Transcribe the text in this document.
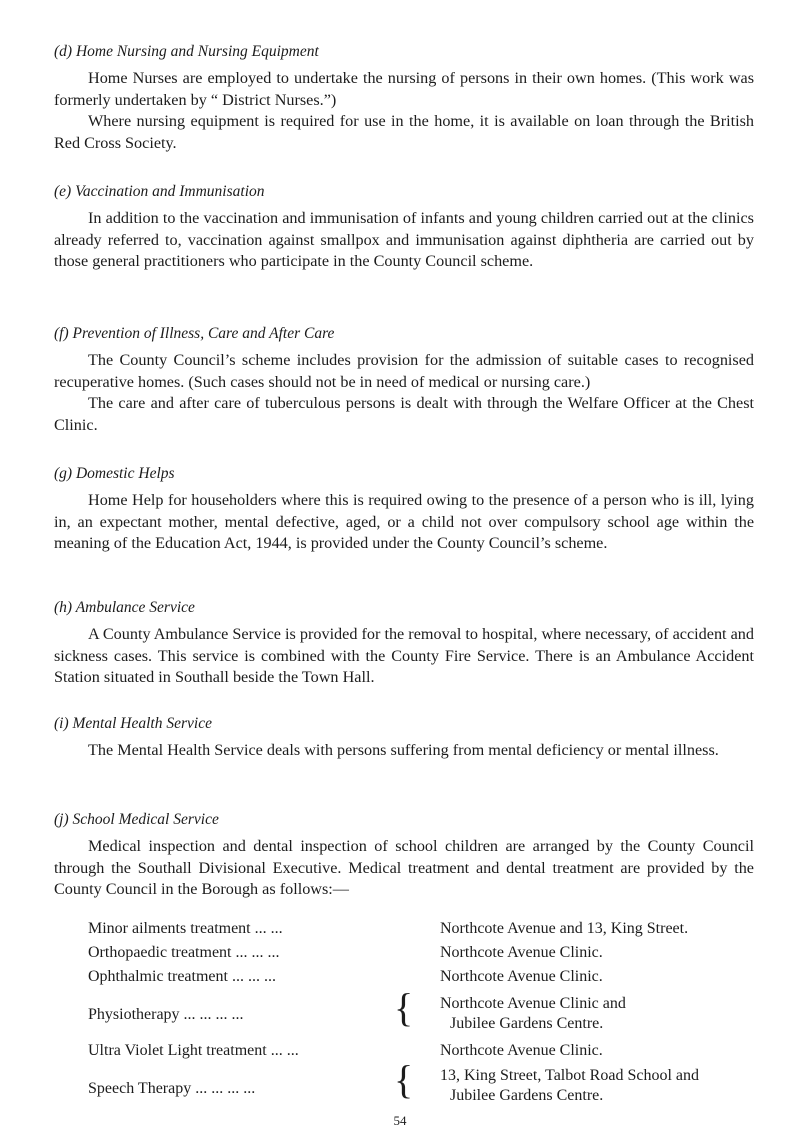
(d) Home Nursing and Nursing Equipment

Home Nurses are employed to undertake the nursing of persons in their own homes. (This work was formerly undertaken by “ District Nurses.”)

Where nursing equipment is required for use in the home, it is available on loan through the British Red Cross Society.

(e) Vaccination and Immunisation

In addition to the vaccination and immunisation of infants and young children carried out at the clinics already referred to, vaccination against smallpox and immunisation against diphtheria are carried out by those general practitioners who participate in the County Council scheme.

(f) Prevention of Illness, Care and After Care

The County Council’s scheme includes provision for the admission of suitable cases to recognised recuperative homes. (Such cases should not be in need of medical or nursing care.)

The care and after care of tuberculous persons is dealt with through the Welfare Officer at the Chest Clinic.

(g) Domestic Helps

Home Help for householders where this is required owing to the presence of a person who is ill, lying in, an expectant mother, mental defective, aged, or a child not over compulsory school age within the meaning of the Education Act, 1944, is provided under the County Council’s scheme.

(h) Ambulance Service

A County Ambulance Service is provided for the removal to hospital, where necessary, of accident and sickness cases. This service is combined with the County Fire Service. There is an Ambulance Accident Station situated in Southall beside the Town Hall.

(i) Mental Health Service

The Mental Health Service deals with persons suffering from mental deficiency or mental illness.

(j) School Medical Service

Medical inspection and dental inspection of school children are arranged by the County Council through the Southall Divisional Executive. Medical treatment and dental treatment are provided by the County Council in the Borough as follows:—

Minor ailments treatment ... ...	Northcote Avenue and 13, King Street.
Orthopaedic treatment ... ... ...	Northcote Avenue Clinic.
Ophthalmic treatment ... ... ...	Northcote Avenue Clinic.
Physiotherapy ... ... ... ...	{ Northcote Avenue Clinic and
Jubilee Gardens Centre.
Ultra Violet Light treatment ... ...	Northcote Avenue Clinic.
Speech Therapy ... ... ... ...	{ 13, King Street, Talbot Road School and
Jubilee Gardens Centre.
54
